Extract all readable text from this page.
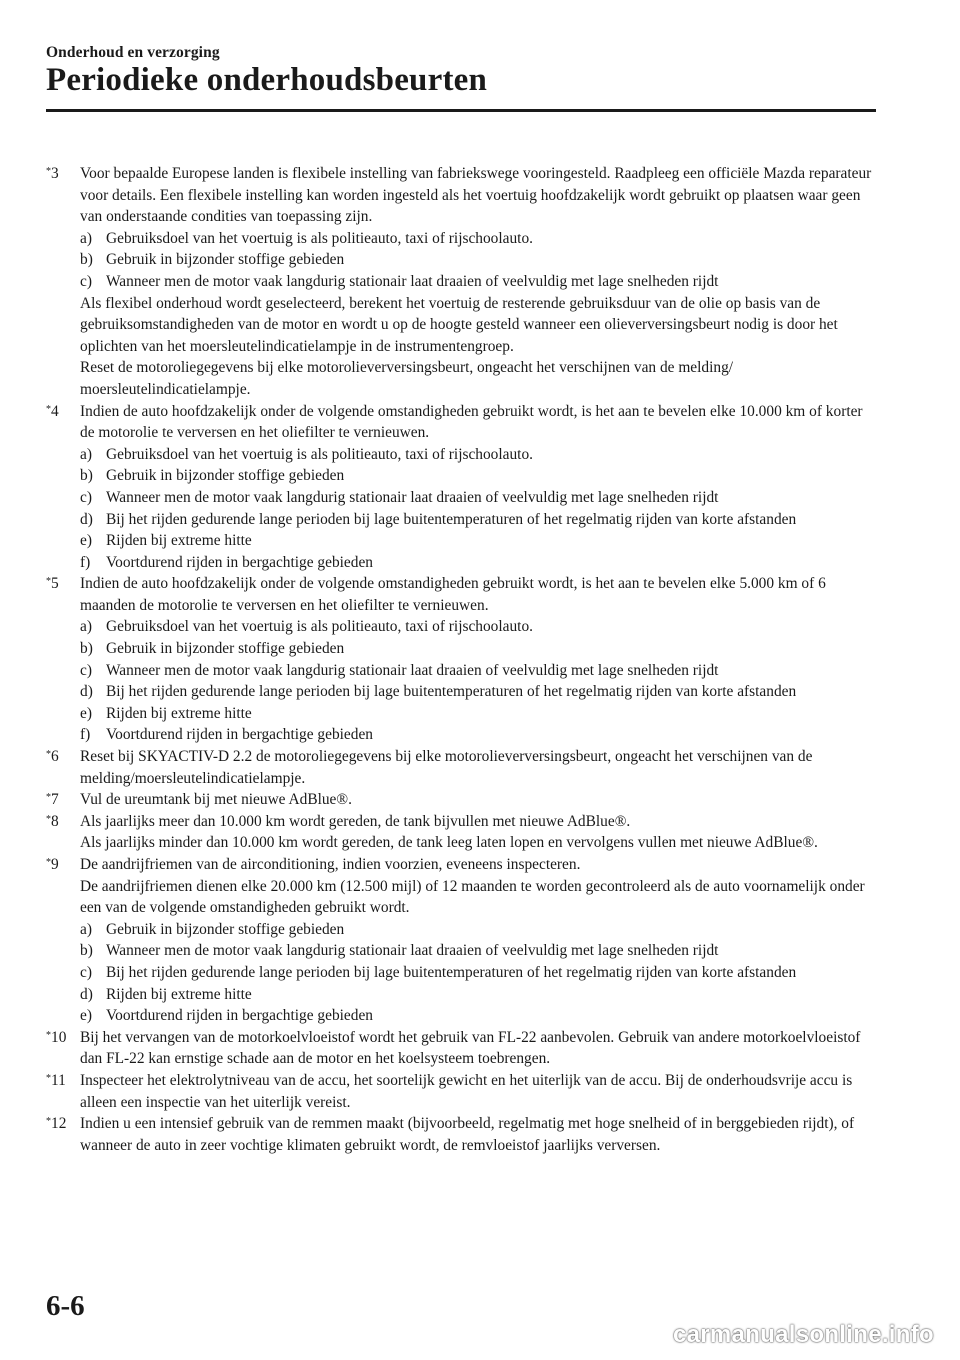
Onderhoud en verzorging
Periodieke onderhoudsbeurten
*3 Voor bepaalde Europese landen is flexibele instelling van fabriekswege vooringesteld. Raadpleeg een officiële Mazda reparateur voor details. Een flexibele instelling kan worden ingesteld als het voertuig hoofdzakelijk wordt gebruikt op plaatsen waar geen van onderstaande condities van toepassing zijn.
a) Gebruiksdoel van het voertuig is als politieauto, taxi of rijschoolauto.
b) Gebruik in bijzonder stoffige gebieden
c) Wanneer men de motor vaak langdurig stationair laat draaien of veelvuldig met lage snelheden rijdt
Als flexibel onderhoud wordt geselecteerd, berekent het voertuig de resterende gebruiksduur van de olie op basis van de gebruiksomstandigheden van de motor en wordt u op de hoogte gesteld wanneer een olieverversingsbeurt nodig is door het oplichten van het moersleutelindicatielampje in de instrumentengroep.
Reset de motoroliegegevens bij elke motorolieverversingsbeurt, ongeacht het verschijnen van de melding/ moersleutelindicatielampje.
*4 Indien de auto hoofdzakelijk onder de volgende omstandigheden gebruikt wordt, is het aan te bevelen elke 10.000 km of korter de motorolie te verversen en het oliefilter te vernieuwen.
a) Gebruiksdoel van het voertuig is als politieauto, taxi of rijschoolauto.
b) Gebruik in bijzonder stoffige gebieden
c) Wanneer men de motor vaak langdurig stationair laat draaien of veelvuldig met lage snelheden rijdt
d) Bij het rijden gedurende lange perioden bij lage buitentemperaturen of het regelmatig rijden van korte afstanden
e) Rijden bij extreme hitte
f) Voortdurend rijden in bergachtige gebieden
*5 Indien de auto hoofdzakelijk onder de volgende omstandigheden gebruikt wordt, is het aan te bevelen elke 5.000 km of 6 maanden de motorolie te verversen en het oliefilter te vernieuwen.
a) Gebruiksdoel van het voertuig is als politieauto, taxi of rijschoolauto.
b) Gebruik in bijzonder stoffige gebieden
c) Wanneer men de motor vaak langdurig stationair laat draaien of veelvuldig met lage snelheden rijdt
d) Bij het rijden gedurende lange perioden bij lage buitentemperaturen of het regelmatig rijden van korte afstanden
e) Rijden bij extreme hitte
f) Voortdurend rijden in bergachtige gebieden
*6 Reset bij SKYACTIV-D 2.2 de motoroliegegevens bij elke motorolieverversingsbeurt, ongeacht het verschijnen van de melding/moersleutelindicatielampje.
*7 Vul de ureumtank bij met nieuwe AdBlue®.
*8 Als jaarlijks meer dan 10.000 km wordt gereden, de tank bijvullen met nieuwe AdBlue®.
Als jaarlijks minder dan 10.000 km wordt gereden, de tank leeg laten lopen en vervolgens vullen met nieuwe AdBlue®.
*9 De aandrijfriemen van de airconditioning, indien voorzien, eveneens inspecteren.
De aandrijfriemen dienen elke 20.000 km (12.500 mijl) of 12 maanden te worden gecontroleerd als de auto voornamelijk onder een van de volgende omstandigheden gebruikt wordt.
a) Gebruik in bijzonder stoffige gebieden
b) Wanneer men de motor vaak langdurig stationair laat draaien of veelvuldig met lage snelheden rijdt
c) Bij het rijden gedurende lange perioden bij lage buitentemperaturen of het regelmatig rijden van korte afstanden
d) Rijden bij extreme hitte
e) Voortdurend rijden in bergachtige gebieden
*10 Bij het vervangen van de motorkoelvloeistof wordt het gebruik van FL-22 aanbevolen. Gebruik van andere motorkoelvloeistof dan FL-22 kan ernstige schade aan de motor en het koelsysteem toebrengen.
*11 Inspecteer het elektrolytniveau van de accu, het soortelijk gewicht en het uiterlijk van de accu. Bij de onderhoudsvrije accu is alleen een inspectie van het uiterlijk vereist.
*12 Indien u een intensief gebruik van de remmen maakt (bijvoorbeeld, regelmatig met hoge snelheid of in berggebieden rijdt), of wanneer de auto in zeer vochtige klimaten gebruikt wordt, de remvloeistof jaarlijks verversen.
6-6
carmanualsonline.info
